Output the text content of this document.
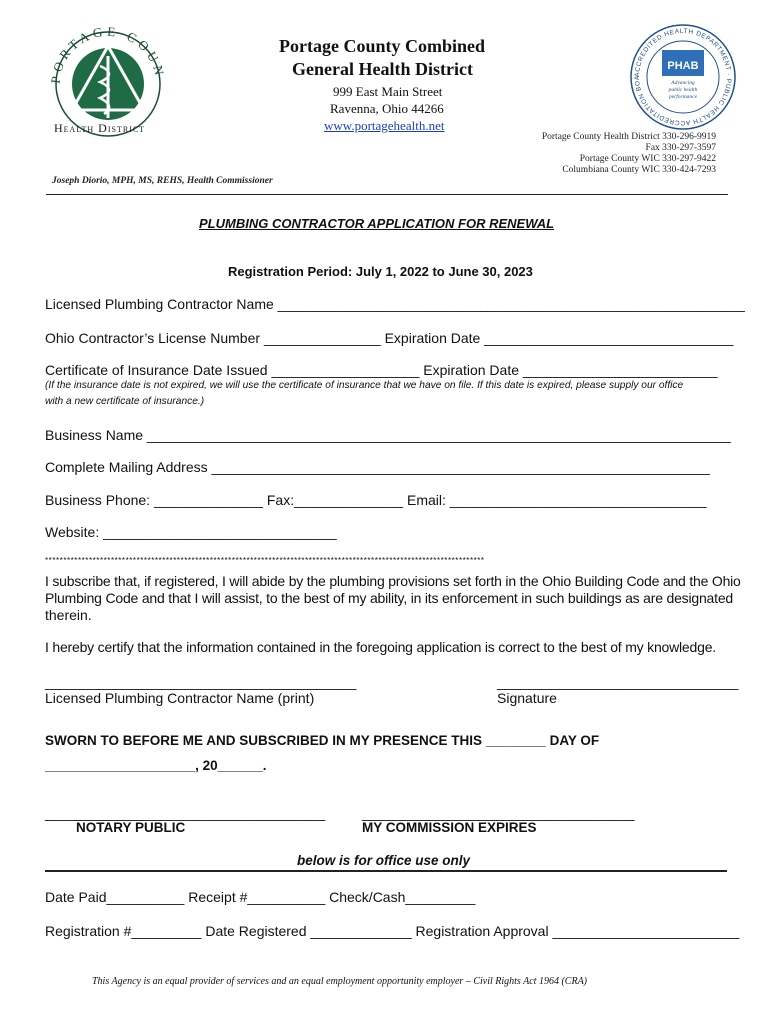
PORTAGE COUN
Health District
Portage County Combined
General Health District
999 East Main Street
Ravenna, Ohio 44266
www.portagehealth.net
ACCREDITED HEALTH DEPARTMENT · PUBLIC HEALTH ACCREDITATION BOA
PHAB
Advancing
public health
performance
Portage County Health District 330-296-9919
Fax 330-297-3597
Portage County WIC 330-297-9422
Columbiana County WIC 330-424-7293
Joseph Diorio, MPH, MS, REHS, Health Commissioner
PLUMBING CONTRACTOR APPLICATION FOR RENEWAL
Registration Period: July 1, 2022 to June 30, 2023
Licensed Plumbing Contractor Name ____________________________________________________________
Ohio Contractor’s License Number _______________ Expiration Date ________________________________
Certificate of Insurance Date Issued ___________________ Expiration Date _________________________
(If the insurance date is not expired, we will use the certificate of insurance that we have on file. If this date is expired, please supply our office
with a new certificate of insurance.)
Business Name ___________________________________________________________________________
Complete Mailing Address ________________________________________________________________
Business Phone: ______________ Fax:______________ Email: _________________________________
Website: ______________________________
************************************************************************************************************************
I subscribe that, if registered, I will abide by the plumbing provisions set forth in the Ohio Building Code and the Ohio
Plumbing Code and that I will assist, to the best of my ability, in its enforcement in such buildings as are designated
therein.
I hereby certify that the information contained in the foregoing application is correct to the best of my knowledge.
________________________________________	_______________________________
Licensed Plumbing Contractor Name (print)	Signature
SWORN TO BEFORE ME AND SUBSCRIBED IN MY PRESENCE THIS ________ DAY OF
____________________, 20______.
____________________________________	___________________________________
NOTARY PUBLIC	MY COMMISSION EXPIRES
below is for office use only
Date Paid__________ Receipt #__________ Check/Cash_________
Registration #_________ Date Registered _____________ Registration Approval ________________________
This Agency is an equal provider of services and an equal employment opportunity employer – Civil Rights Act 1964 (CRA)
